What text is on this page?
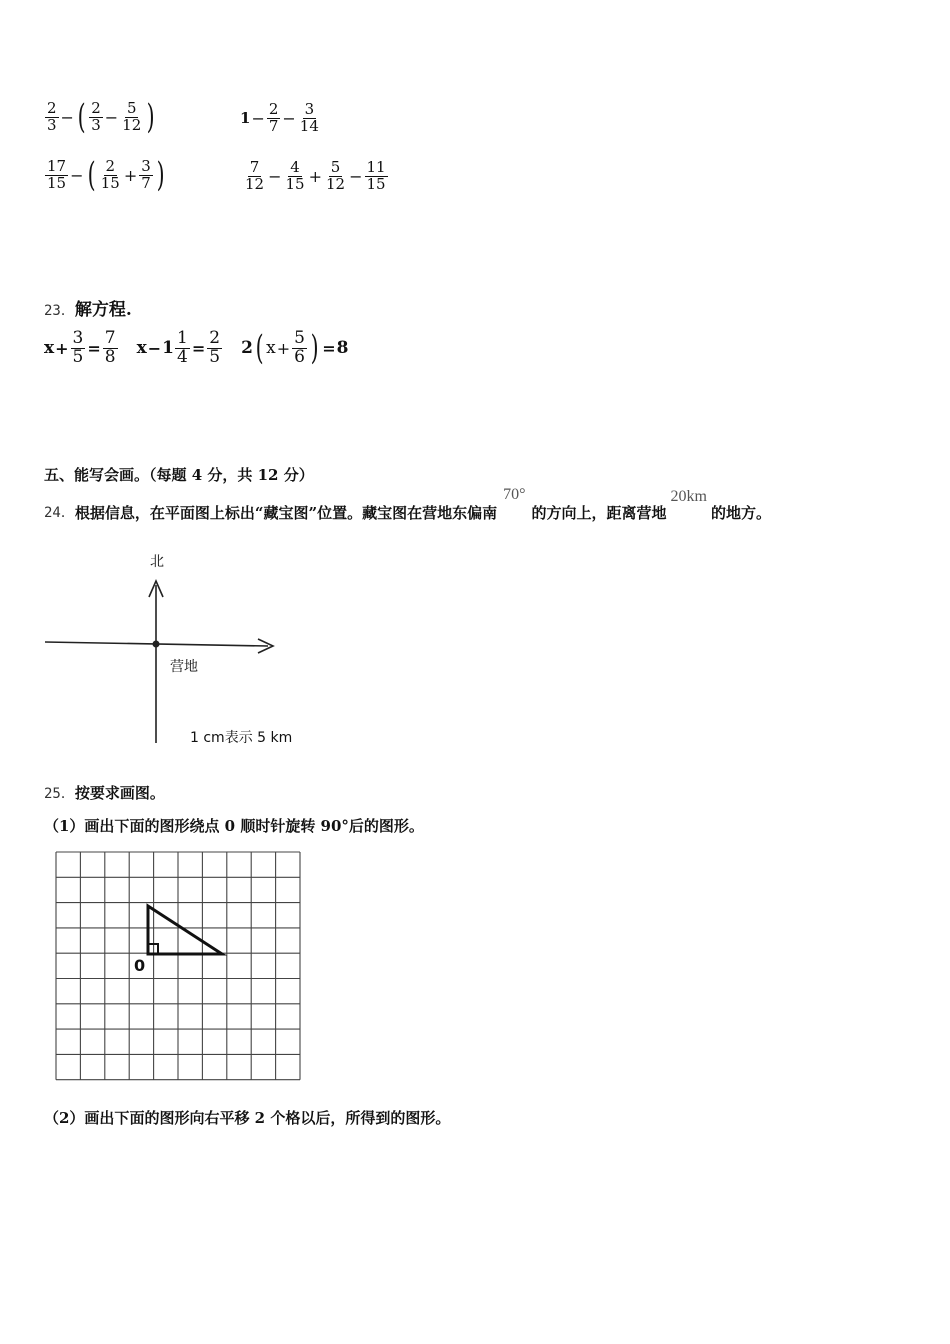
$\frac{2}{3}$ − ( $\frac{2}{3} - \frac{5}{12}$ )	$1 - \frac{2}{7} - \frac{3}{14}$
$\frac{17}{15}$ − ( $\frac{2}{15} + \frac{3}{7}$ )	$\frac{7}{12} - \frac{4}{15} + \frac{5}{12} - \frac{11}{15}$
23．解方程.
$x + \frac{3}{5} = \frac{7}{8}$ $x - 1 \frac{1}{4} = \frac{2}{5} 2$ ( $x + \frac{5}{6}$ ) = 8
五、能写会画。（每题 4 分，共 12 分）
24． 根据信息，在平面图上标出“藏宝图”位置。藏宝图在营地东偏南
70°
的方向上，距离营地
20km
的地方。
北
营地
1 cm表示 5 km
25．按要求画图。
（1）画出下面的图形绕点 0 顺时针旋转 90°后的图形。
0
（2）画出下面的图形向右平移 2 个格以后，所得到的图形。
